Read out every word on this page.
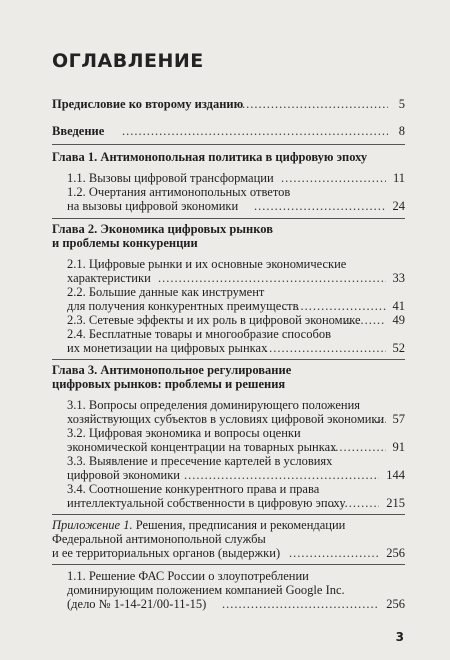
ОГЛАВЛЕНИЕ
Предисловие ко второму изданию .....	5
Введение .....	8
Глава 1. Антимонопольная политика в цифровую эпоху
1.1. Вызовы цифровой трансформации .....	11
1.2. Очертания антимонопольных ответов
на вызовы цифровой экономики .....	24
Глава 2. Экономика цифровых рынков
и проблемы конкуренции
2.1. Цифровые рынки и их основные экономические
характеристики .....	33
2.2. Большие данные как инструмент
для получения конкурентных преимуществ .....	41
2.3. Сетевые эффекты и их роль в цифровой экономике .....	49
2.4. Бесплатные товары и многообразие способов
их монетизации на цифровых рынках .....	52
Глава 3. Антимонопольное регулирование
цифровых рынков: проблемы и решения
3.1. Вопросы определения доминирующего положения
хозяйствующих субъектов в условиях цифровой экономики ..... 57
3.2. Цифровая экономика и вопросы оценки
экономической концентрации на товарных рынках .....	91
3.3. Выявление и пресечение картелей в условиях
цифровой экономики .....	144
3.4. Соотношение конкурентного права и права
интеллектуальной собственности в цифровую эпоху .....	215
Приложение 1. Решения, предписания и рекомендации
Федеральной антимонопольной службы
и ее территориальных органов (выдержки) .....	256
1.1. Решение ФАС России о злоупотреблении
доминирующим положением компанией Google Inc.
(дело № 1-14-21/00-11-15) .....	256
3
